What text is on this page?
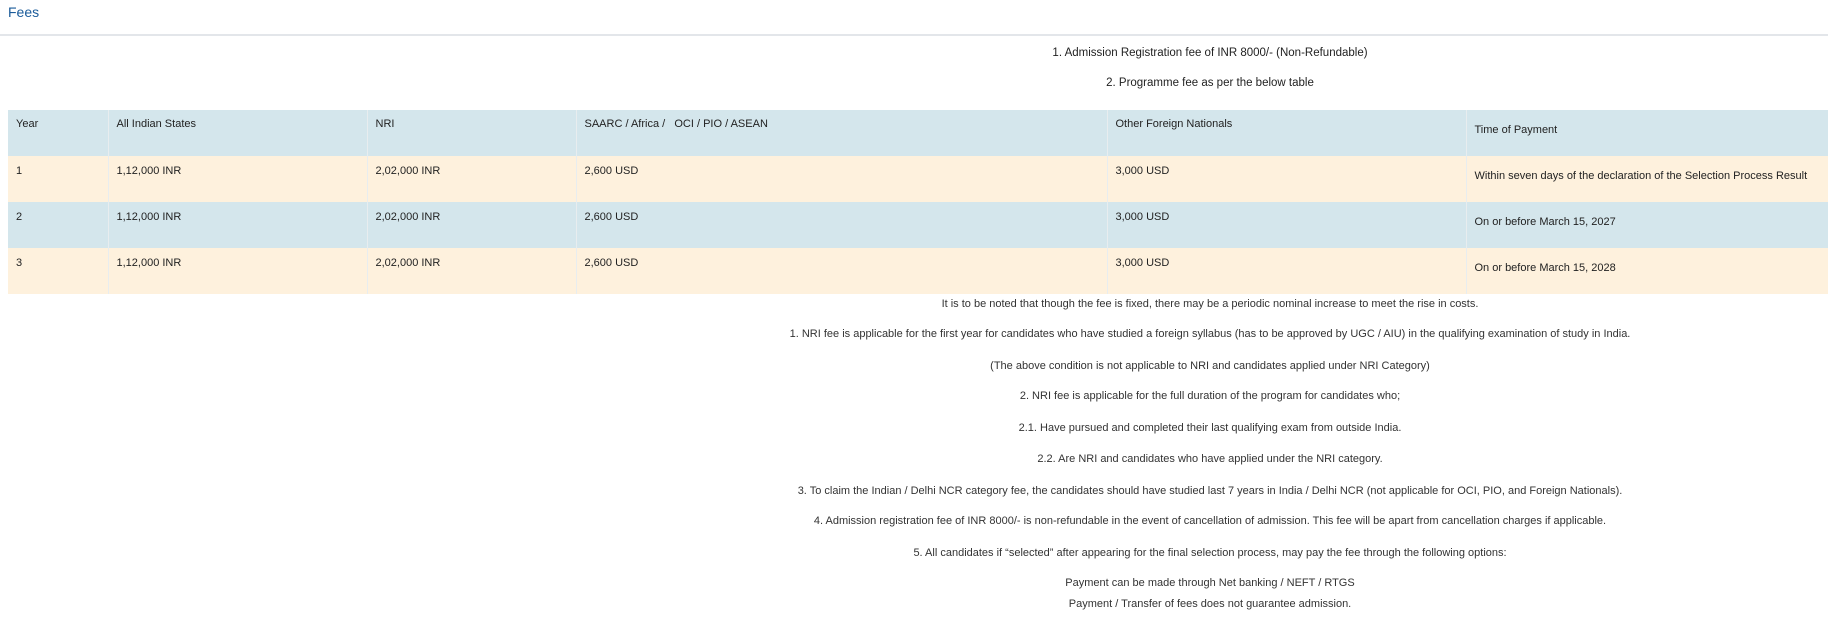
Fees
1. Admission Registration fee of INR 8000/- (Non-Refundable)
2. Programme fee as per the below table
Year	All Indian States	NRI	SAARC / Africa /   OCI / PIO / ASEAN	Other Foreign Nationals	Time of Payment
1	1,12,000 INR	2,02,000 INR	2,600 USD	3,000 USD	Within seven days of the declaration of the Selection Process Result
2	1,12,000 INR	2,02,000 INR	2,600 USD	3,000 USD	On or before March 15, 2027
3	1,12,000 INR	2,02,000 INR	2,600 USD	3,000 USD	On or before March 15, 2028
It is to be noted that though the fee is fixed, there may be a periodic nominal increase to meet the rise in costs.
1. NRI fee is applicable for the first year for candidates who have studied a foreign syllabus (has to be approved by UGC / AIU) in the qualifying examination of study in India.
(The above condition is not applicable to NRI and candidates applied under NRI Category)
2. NRI fee is applicable for the full duration of the program for candidates who;
2.1. Have pursued and completed their last qualifying exam from outside India.
2.2. Are NRI and candidates who have applied under the NRI category.
3. To claim the Indian / Delhi NCR category fee, the candidates should have studied last 7 years in India / Delhi NCR (not applicable for OCI, PIO, and Foreign Nationals).
4. Admission registration fee of INR 8000/- is non-refundable in the event of cancellation of admission. This fee will be apart from cancellation charges if applicable.
5. All candidates if “selected” after appearing for the final selection process, may pay the fee through the following options:
Payment can be made through Net banking / NEFT / RTGS
Payment / Transfer of fees does not guarantee admission.
